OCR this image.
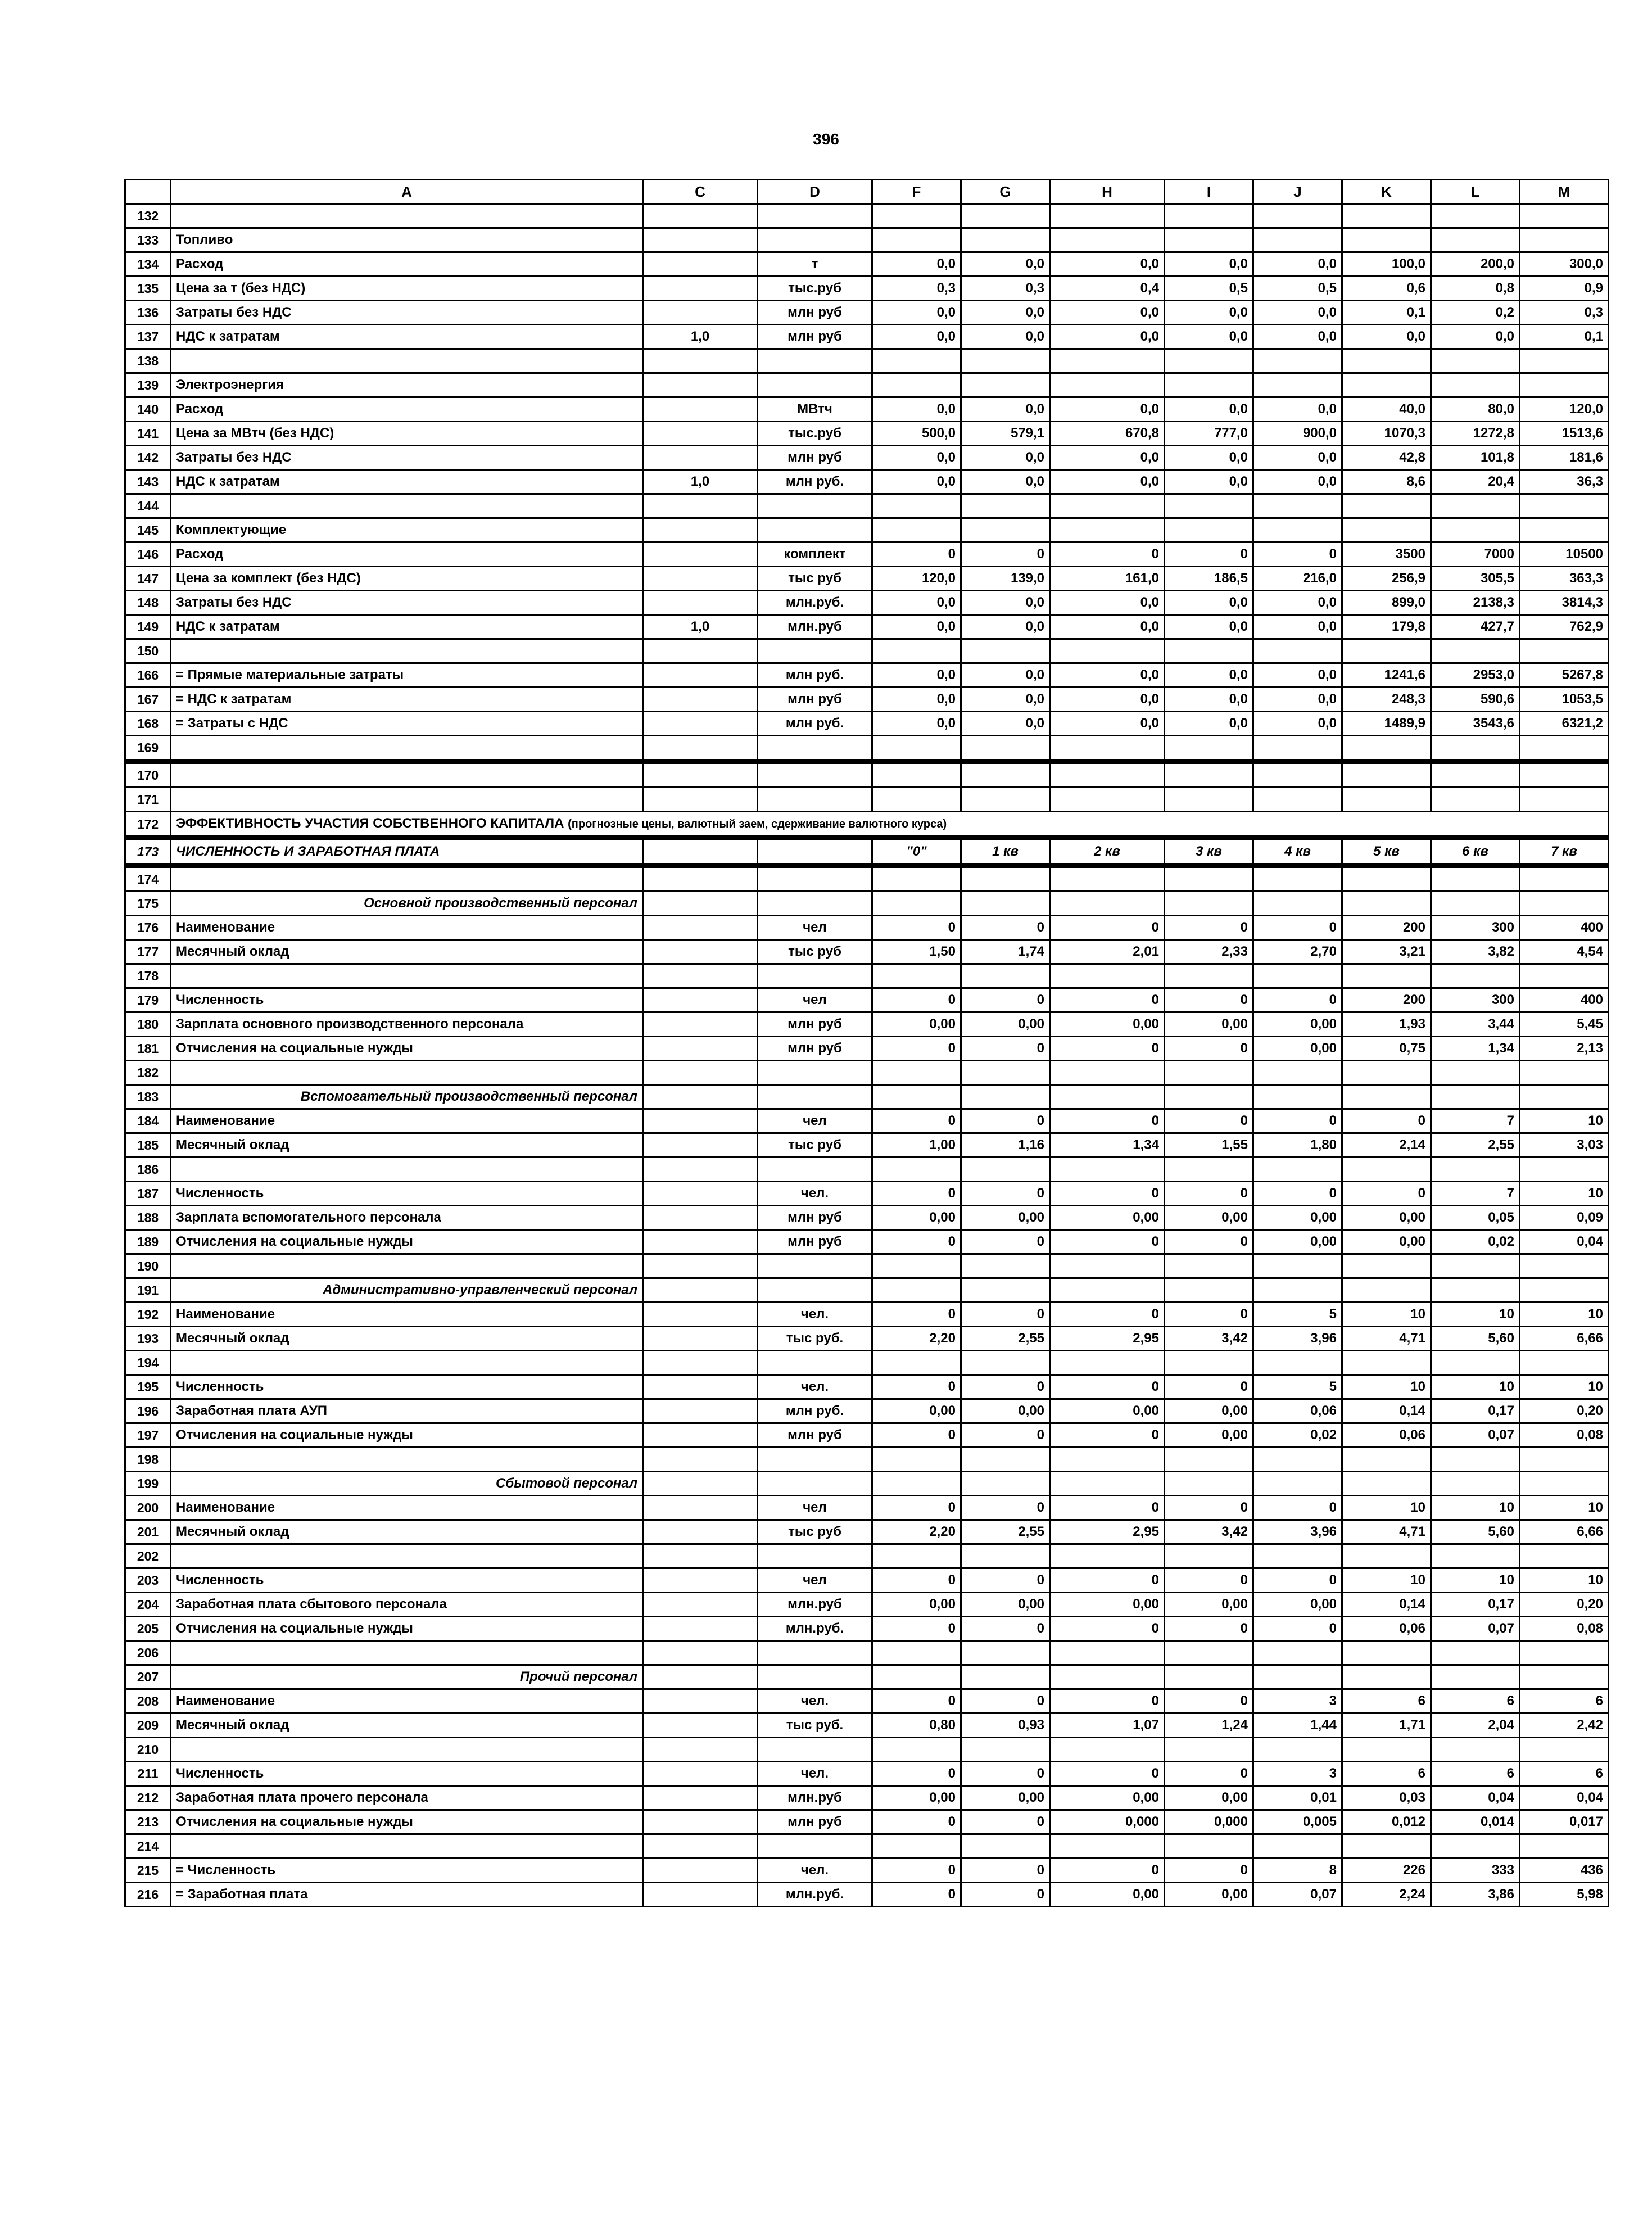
396
	A	C	D	F	G	H	I	J	K	L	M
132											
133	Топливо										
134	Расход		т	0,0	0,0	0,0	0,0	0,0	100,0	200,0	300,0
135	Цена за т (без НДС)		тыс.руб	0,3	0,3	0,4	0,5	0,5	0,6	0,8	0,9
136	Затраты без НДС		млн руб	0,0	0,0	0,0	0,0	0,0	0,1	0,2	0,3
137	НДС к затратам	1,0	млн руб	0,0	0,0	0,0	0,0	0,0	0,0	0,0	0,1
138											
139	Электроэнергия										
140	Расход		МВтч	0,0	0,0	0,0	0,0	0,0	40,0	80,0	120,0
141	Цена за МВтч (без НДС)		тыс.руб	500,0	579,1	670,8	777,0	900,0	1070,3	1272,8	1513,6
142	Затраты без НДС		млн руб	0,0	0,0	0,0	0,0	0,0	42,8	101,8	181,6
143	НДС к затратам	1,0	млн руб.	0,0	0,0	0,0	0,0	0,0	8,6	20,4	36,3
144											
145	Комплектующие										
146	Расход		комплект	0	0	0	0	0	3500	7000	10500
147	Цена за комплект (без НДС)		тыс руб	120,0	139,0	161,0	186,5	216,0	256,9	305,5	363,3
148	Затраты без НДС		млн.руб.	0,0	0,0	0,0	0,0	0,0	899,0	2138,3	3814,3
149	НДС к затратам	1,0	млн.руб	0,0	0,0	0,0	0,0	0,0	179,8	427,7	762,9
150											
166	= Прямые материальные затраты		млн руб.	0,0	0,0	0,0	0,0	0,0	1241,6	2953,0	5267,8
167	= НДС к затратам		млн руб	0,0	0,0	0,0	0,0	0,0	248,3	590,6	1053,5
168	= Затраты с НДС		млн руб.	0,0	0,0	0,0	0,0	0,0	1489,9	3543,6	6321,2
169											
170											
171											
172	ЭФФЕКТИВНОСТЬ УЧАСТИЯ СОБСТВЕННОГО КАПИТАЛА (прогнозные цены, валютный заем, сдерживание валютного курса)										
173	ЧИСЛЕННОСТЬ И ЗАРАБОТНАЯ ПЛАТА			"0"	1 кв	2 кв	3 кв	4 кв	5 кв	6 кв	7 кв
174											
175	Основной производственный персонал										
176	Наименование		чел	0	0	0	0	0	200	300	400
177	Месячный оклад		тыс руб	1,50	1,74	2,01	2,33	2,70	3,21	3,82	4,54
178											
179	Численность		чел	0	0	0	0	0	200	300	400
180	Зарплата основного производственного персонала		млн руб	0,00	0,00	0,00	0,00	0,00	1,93	3,44	5,45
181	Отчисления на социальные нужды		млн руб	0	0	0	0	0,00	0,75	1,34	2,13
182											
183	Вспомогательный производственный персонал										
184	Наименование		чел	0	0	0	0	0	0	7	10
185	Месячный оклад		тыс руб	1,00	1,16	1,34	1,55	1,80	2,14	2,55	3,03
186											
187	Численность		чел.	0	0	0	0	0	0	7	10
188	Зарплата вспомогательного персонала		млн руб	0,00	0,00	0,00	0,00	0,00	0,00	0,05	0,09
189	Отчисления на социальные нужды		млн руб	0	0	0	0	0,00	0,00	0,02	0,04
190											
191	Административно-управленческий персонал										
192	Наименование		чел.	0	0	0	0	5	10	10	10
193	Месячный оклад		тыс руб.	2,20	2,55	2,95	3,42	3,96	4,71	5,60	6,66
194											
195	Численность		чел.	0	0	0	0	5	10	10	10
196	Заработная плата АУП		млн руб.	0,00	0,00	0,00	0,00	0,06	0,14	0,17	0,20
197	Отчисления на социальные нужды		млн руб	0	0	0	0,00	0,02	0,06	0,07	0,08
198											
199	Сбытовой персонал										
200	Наименование		чел	0	0	0	0	0	10	10	10
201	Месячный оклад		тыс руб	2,20	2,55	2,95	3,42	3,96	4,71	5,60	6,66
202											
203	Численность		чел	0	0	0	0	0	10	10	10
204	Заработная плата сбытового персонала		млн.руб	0,00	0,00	0,00	0,00	0,00	0,14	0,17	0,20
205	Отчисления на социальные нужды		млн.руб.	0	0	0	0	0	0,06	0,07	0,08
206											
207	Прочий персонал										
208	Наименование		чел.	0	0	0	0	3	6	6	6
209	Месячный оклад		тыс руб.	0,80	0,93	1,07	1,24	1,44	1,71	2,04	2,42
210											
211	Численность		чел.	0	0	0	0	3	6	6	6
212	Заработная плата прочего персонала		млн.руб	0,00	0,00	0,00	0,00	0,01	0,03	0,04	0,04
213	Отчисления на социальные нужды		млн руб	0	0	0,000	0,000	0,005	0,012	0,014	0,017
214											
215	= Численность		чел.	0	0	0	0	8	226	333	436
216	= Заработная плата		млн.руб.	0	0	0,00	0,00	0,07	2,24	3,86	5,98
